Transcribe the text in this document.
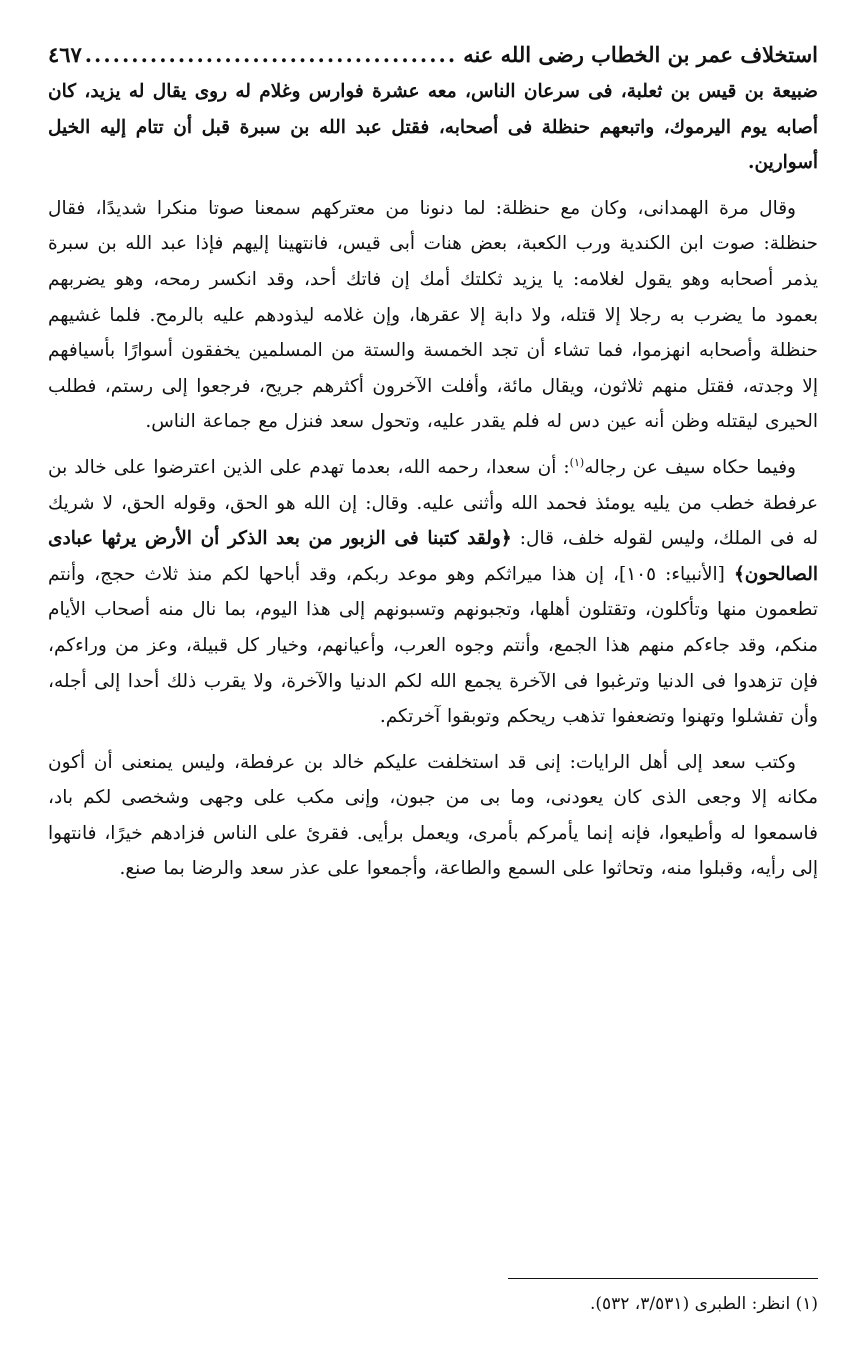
استخلاف عمر بن الخطاب رضى الله عنه
.....
٤٦٧

ضبيعة بن قيس بن ثعلبة، فى سرعان الناس، معه عشرة فوارس وغلام له روى يقال له يزيد، كان أصابه يوم اليرموك، واتبعهم حنظلة فى أصحابه، فقتل عبد الله بن سبرة قبل أن تتام إليه الخيل أسوارين.

وقال مرة الهمدانى، وكان مع حنظلة: لما دنونا من معتركهم سمعنا صوتا منكرا شديدًا، فقال حنظلة: صوت ابن الكندية ورب الكعبة، بعض هنات أبى قيس، فانتهينا إليهم فإذا عبد الله بن سبرة يذمر أصحابه وهو يقول لغلامه: يا يزيد ثكلتك أمك إن فاتك أحد، وقد انكسر رمحه، وهو يضربهم بعمود ما يضرب به رجلا إلا قتله، ولا دابة إلا عقرها، وإن غلامه ليذودهم عليه بالرمح. فلما غشيهم حنظلة وأصحابه انهزموا، فما تشاء أن تجد الخمسة والستة من المسلمين يخفقون أسوارًا بأسيافهم إلا وجدته، فقتل منهم ثلاثون، ويقال مائة، وأفلت الآخرون أكثرهم جريح، فرجعوا إلى رستم، فطلب الحيرى ليقتله وظن أنه عين دس له فلم يقدر عليه، وتحول سعد فنزل مع جماعة الناس.

وفيما حكاه سيف عن رجاله$^{(١)}$: أن سعدا، رحمه الله، بعدما تهدم على الذين اعترضوا على خالد بن عرفطة خطب من يليه يومئذ فحمد الله وأثنى عليه. وقال: إن الله هو الحق، وقوله الحق، لا شريك له فى الملك، وليس لقوله خلف، قال: ﴿ولقد كتبنا فى الزبور من بعد الذكر أن الأرض يرثها عبادى الصالحون﴾ [الأنبياء: ١٠٥]، إن هذا ميراثكم وهو موعد ربكم، وقد أباحها لكم منذ ثلاث حجج، وأنتم تطعمون منها وتأكلون، وتقتلون أهلها، وتجبونهم وتسبونهم إلى هذا اليوم، بما نال منه أصحاب الأيام منكم، وقد جاءكم منهم هذا الجمع، وأنتم وجوه العرب، وأعيانهم، وخيار كل قبيلة، وعز من وراءكم، فإن تزهدوا فى الدنيا وترغبوا فى الآخرة يجمع الله لكم الدنيا والآخرة، ولا يقرب ذلك أحدا إلى أجله، وأن تفشلوا وتهنوا وتضعفوا تذهب ريحكم وتوبقوا آخرتكم.

وكتب سعد إلى أهل الرايات: إنى قد استخلفت عليكم خالد بن عرفطة، وليس يمنعنى أن أكون مكانه إلا وجعى الذى كان يعودنى، وما بى من جبون، وإنى مكب على وجهى وشخصى لكم باد، فاسمعوا له وأطيعوا، فإنه إنما يأمركم بأمرى، ويعمل برأيى. فقرئ على الناس فزادهم خيرًا، فانتهوا إلى رأيه، وقبلوا منه، وتحاثوا على السمع والطاعة، وأجمعوا على عذر سعد والرضا بما صنع.

(١) انظر: الطبرى (٣/٥٣١، ٥٣٢).
